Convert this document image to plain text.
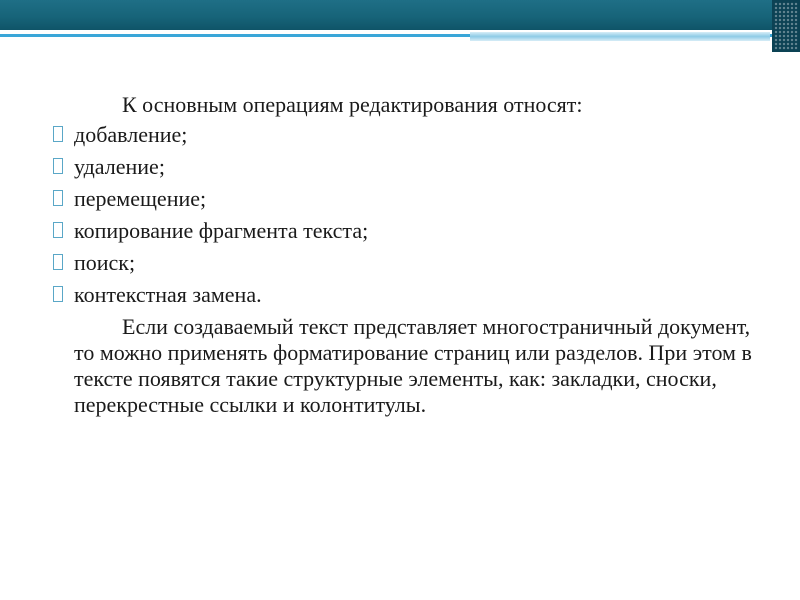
К основным операциям редактирования относят:

добавление;
удаление;
перемещение;
копирование фрагмента текста;
поиск;
контекстная замена.

Если создаваемый текст представляет многостраничный документ, то можно применять форматирование страниц или разделов. При этом в тексте появятся такие структурные элементы, как: закладки, сноски, перекрестные ссылки и колонтитулы.
